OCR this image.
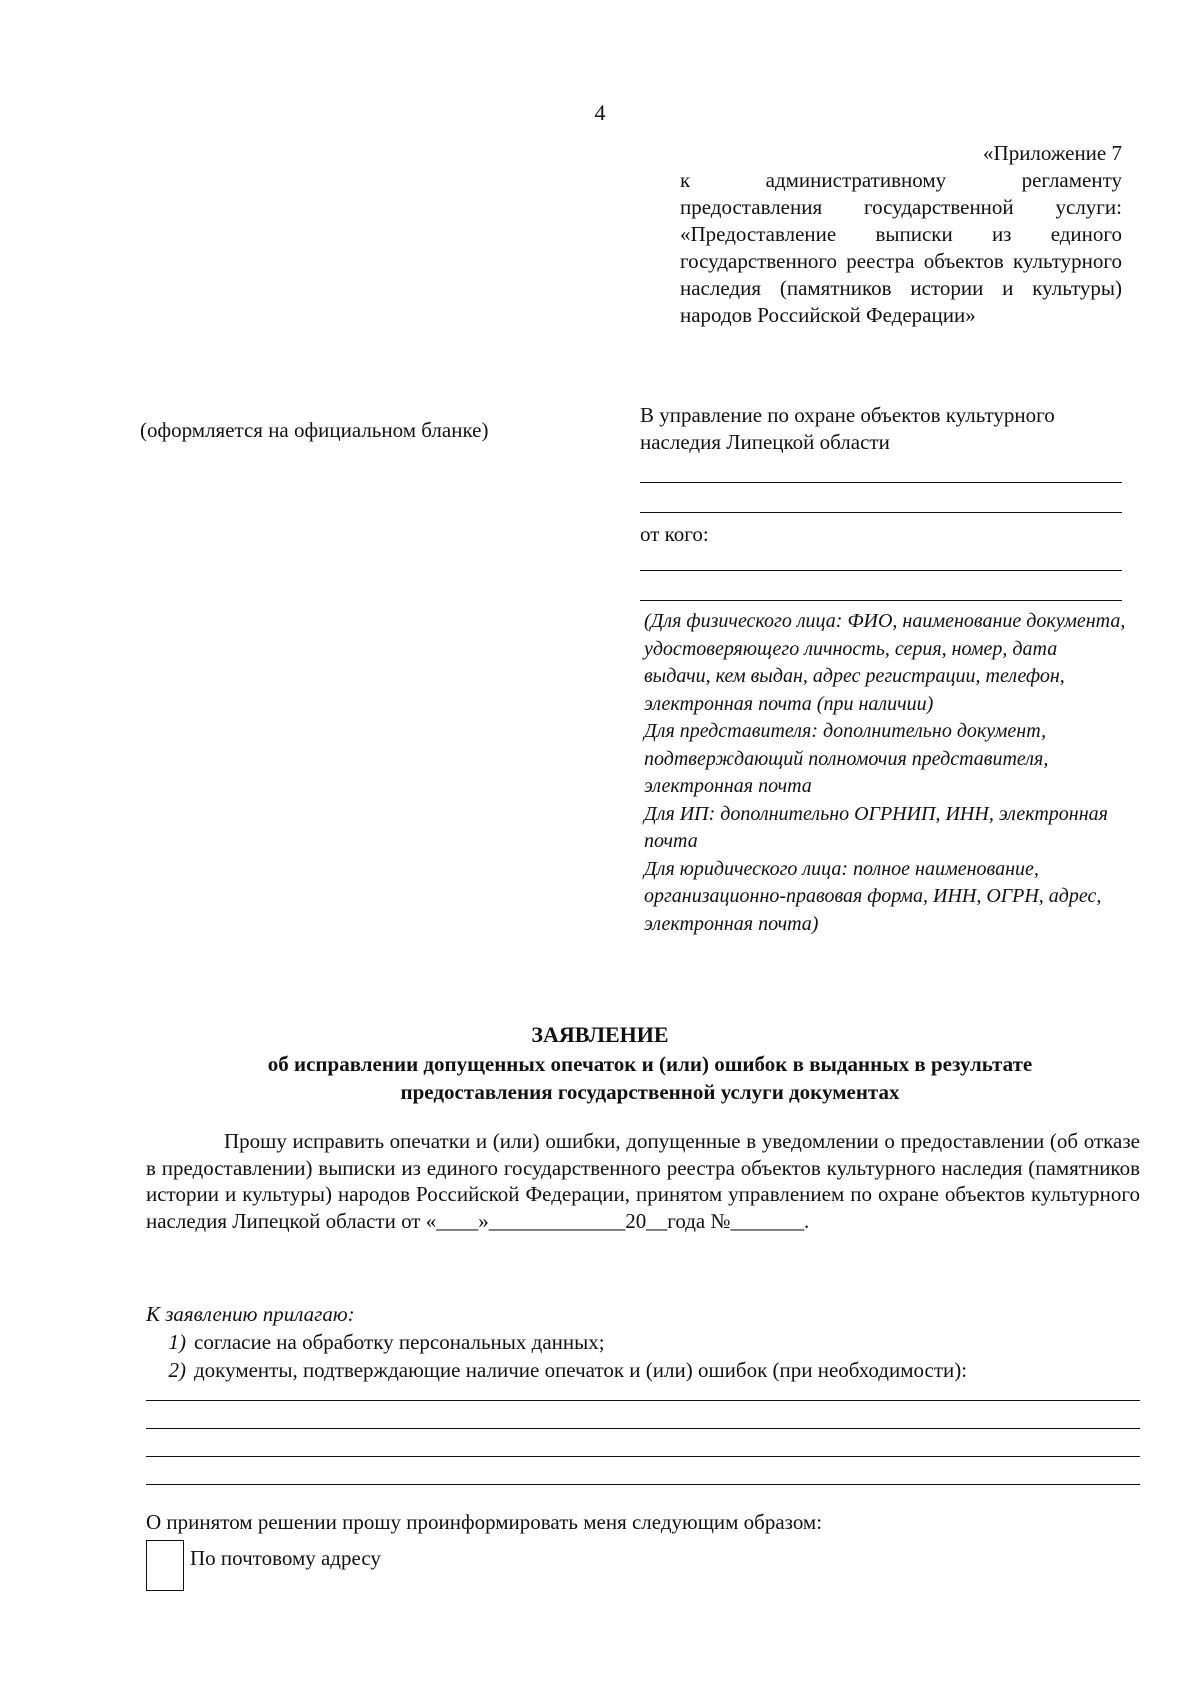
4
«Приложение 7
к административному регламенту предоставления государственной услуги: «Предоставление выписки из единого государственного реестра объектов культурного наследия (памятников истории и культуры) народов Российской Федерации»
(оформляется на официальном бланке)
В управление по охране объектов культурного наследия Липецкой области
от кого:
(Для физического лица: ФИО, наименование документа, удостоверяющего личность, серия, номер, дата выдачи, кем выдан, адрес регистрации, телефон, электронная почта (при наличии)
Для представителя: дополнительно документ, подтверждающий полномочия представителя, электронная почта
Для ИП: дополнительно ОГРНИП, ИНН, электронная почта
Для юридического лица: полное наименование, организационно-правовая форма, ИНН, ОГРН, адрес, электронная почта)
ЗАЯВЛЕНИЕ
об исправлении допущенных опечаток и (или) ошибок в выданных в результате предоставления государственной услуги документах
Прошу исправить опечатки и (или) ошибки, допущенные в уведомлении о предоставлении (об отказе в предоставлении) выписки из единого государственного реестра объектов культурного наследия (памятников истории и культуры) народов Российской Федерации, принятом управлением по охране объектов культурного наследия Липецкой области от «____»_____________20__года №_______.
К заявлению прилагаю:
1) согласие на обработку персональных данных;
2) документы, подтверждающие наличие опечаток и (или) ошибок (при необходимости):
О принятом решении прошу проинформировать меня следующим образом:
По почтовому адресу
